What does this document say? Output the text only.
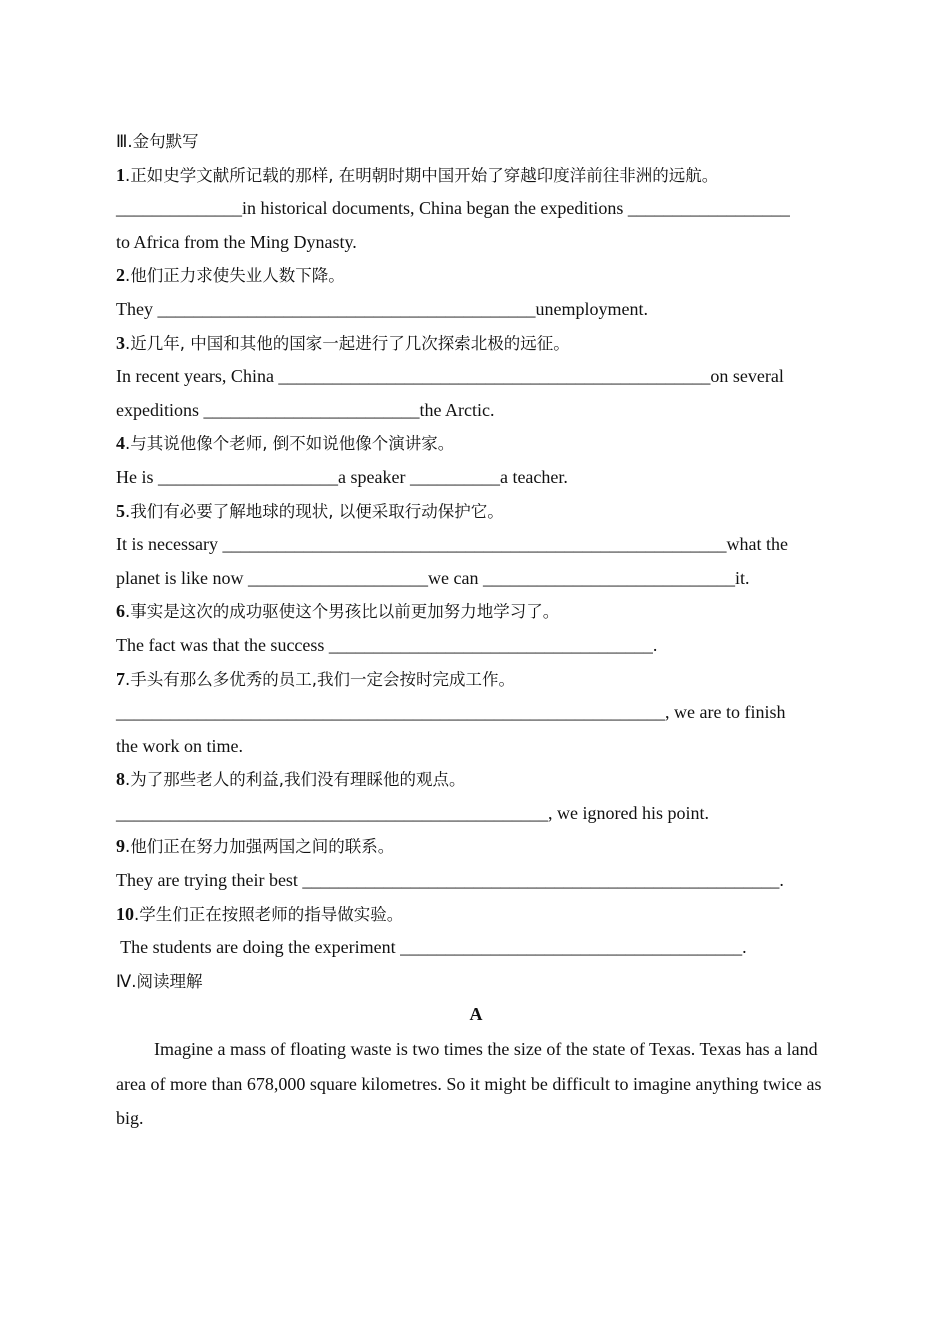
Ⅲ.金句默写
1.正如史学文献所记载的那样, 在明朝时期中国开始了穿越印度洋前往非洲的远航。
______________in historical documents, China began the expeditions __________________
to Africa from the Ming Dynasty.
2.他们正力求使失业人数下降。
They __________________________________________unemployment.
3.近几年, 中国和其他的国家一起进行了几次探索北极的远征。
In recent years, China ________________________________________________on several
expeditions ________________________the Arctic.
4.与其说他像个老师, 倒不如说他像个演讲家。
He is ____________________a speaker __________a teacher.
5.我们有必要了解地球的现状, 以便采取行动保护它。
It is necessary ________________________________________________________what the
planet is like now ____________________we can ____________________________it.
6.事实是这次的成功驱使这个男孩比以前更加努力地学习了。
The fact was that the success ____________________________________.
7.手头有那么多优秀的员工,我们一定会按时完成工作。
_____________________________________________________________, we are to finish
the work on time.
8.为了那些老人的利益,我们没有理睬他的观点。
________________________________________________, we ignored his point.
9.他们正在努力加强两国之间的联系。
They are trying their best _____________________________________________________.
10.学生们正在按照老师的指导做实验。
The students are doing the experiment ______________________________________.
Ⅳ.阅读理解
A

Imagine a mass of floating waste is two times the size of the state of Texas. Texas has a land area of more than 678,000 square kilometres. So it might be difficult to imagine anything twice as big.
